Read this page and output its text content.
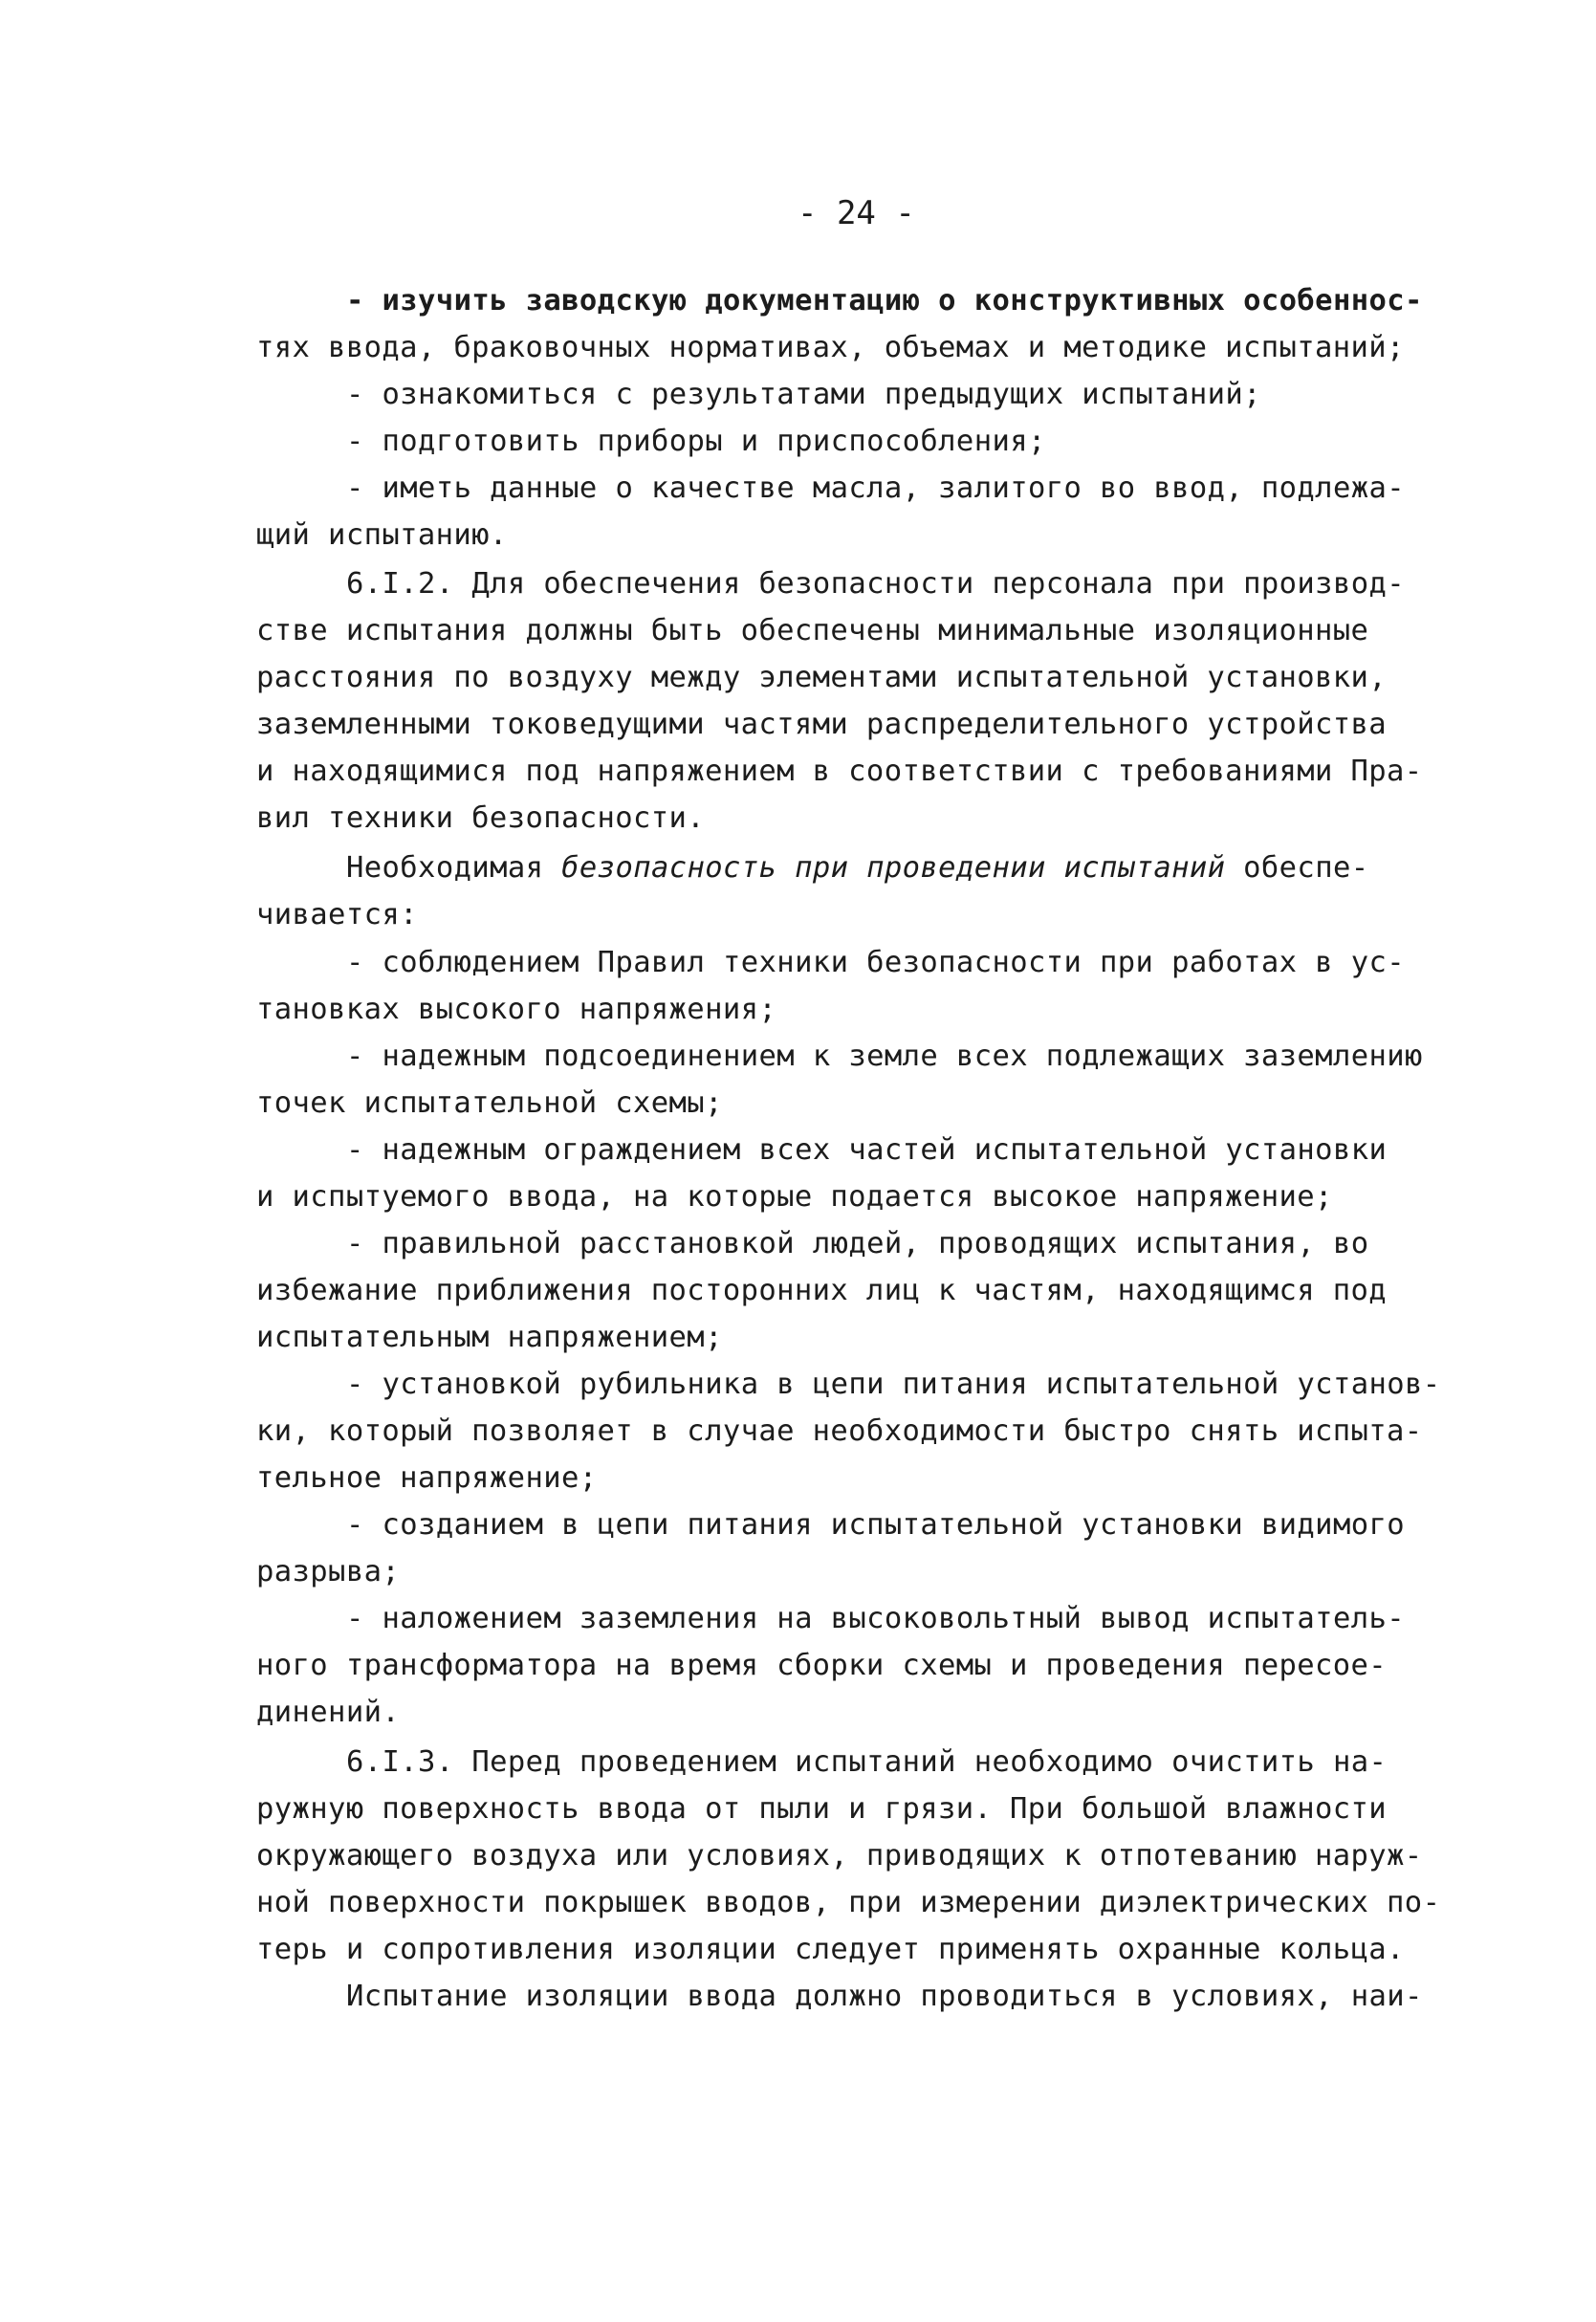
- 24 -
- изучить заводскую документацию о конструктивных особеннос-
тях ввода, браковочных нормативах, объемах и методике испытаний;
- ознакомиться с результатами предыдущих испытаний;
- подготовить приборы и приспособления;
- иметь данные о качестве масла, залитого во ввод, подлежа-
щий испытанию.
6.I.2. Для обеспечения безопасности персонала при производ-
стве испытания должны быть обеспечены минимальные изоляционные
расстояния по воздуху между элементами испытательной установки,
заземленными токоведущими частями распределительного устройства
и находящимися под напряжением в соответствии с требованиями Пра-
вил техники безопасности.
Необходимая безопасность при проведении испытаний обеспе-
чивается:
- соблюдением Правил техники безопасности при работах в ус-
тановках высокого напряжения;
- надежным подсоединением к земле всех подлежащих заземлению
точек испытательной схемы;
- надежным ограждением всех частей испытательной установки
и испытуемого ввода, на которые подается высокое напряжение;
- правильной расстановкой людей, проводящих испытания, во
избежание приближения посторонних лиц к частям, находящимся под
испытательным напряжением;
- установкой рубильника в цепи питания испытательной установ-
ки, который позволяет в случае необходимости быстро снять испыта-
тельное напряжение;
- созданием в цепи питания испытательной установки видимого
разрыва;
- наложением заземления на высоковольтный вывод испытатель-
ного трансформатора на время сборки схемы и проведения пересое-
динений.
6.I.3. Перед проведением испытаний необходимо очистить на-
ружную поверхность ввода от пыли и грязи. При большой влажности
окружающего воздуха или условиях, приводящих к отпотеванию наруж-
ной поверхности покрышек вводов, при измерении диэлектрических по-
терь и сопротивления изоляции следует применять охранные кольца.
Испытание изоляции ввода должно проводиться в условиях, наи-
